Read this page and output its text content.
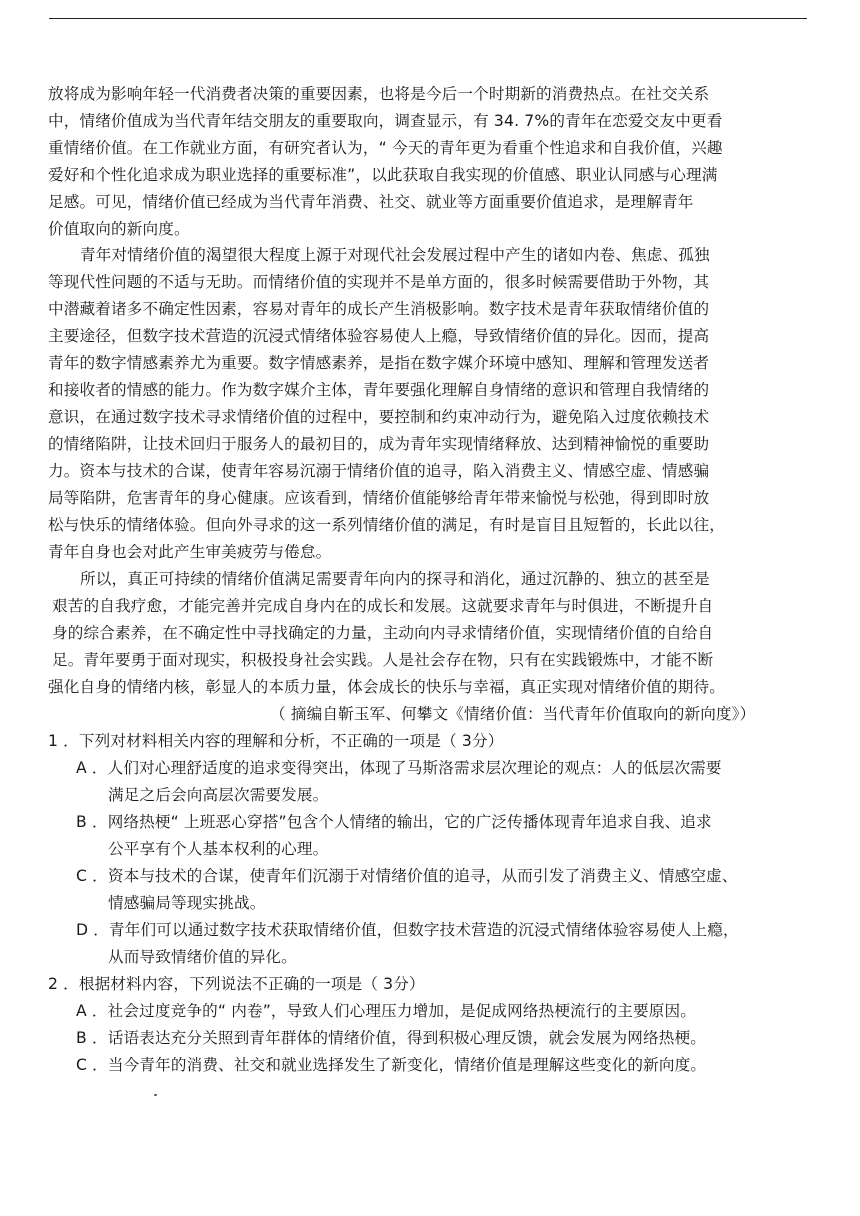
放将成为影响年轻一代消费者决策的重要因素，也将是今后一个时期新的消费热点。在社交关系
中，情绪价值成为当代青年结交朋友的重要取向，调查显示，有 34. 7%的青年在恋爱交友中更看
重情绪价值。在工作就业方面，有研究者认为，“ 今天的青年更为看重个性追求和自我价值，兴趣
爱好和个性化追求成为职业选择的重要标准”，以此获取自我实现的价值感、职业认同感与心理满
足感。可见，情绪价值已经成为当代青年消费、社交、就业等方面重要价值追求，是理解青年
价值取向的新向度。
青年对情绪价值的渴望很大程度上源于对现代社会发展过程中产生的诸如内卷、焦虑、孤独
等现代性问题的不适与无助。而情绪价值的实现并不是单方面的，很多时候需要借助于外物，其
中潜藏着诸多不确定性因素，容易对青年的成长产生消极影响。数字技术是青年获取情绪价值的
主要途径，但数字技术营造的沉浸式情绪体验容易使人上瘾，导致情绪价值的异化。因而，提高
青年的数字情感素养尤为重要。数字情感素养，是指在数字媒介环境中感知、理解和管理发送者
和接收者的情感的能力。作为数字媒介主体，青年要强化理解自身情绪的意识和管理自我情绪的
意识，在通过数字技术寻求情绪价值的过程中，要控制和约束冲动行为，避免陷入过度依赖技术
的情绪陷阱，让技术回归于服务人的最初目的，成为青年实现情绪释放、达到精神愉悦的重要助
力。资本与技术的合谋，使青年容易沉溺于情绪价值的追寻，陷入消费主义、情感空虚、情感骗
局等陷阱，危害青年的身心健康。应该看到，情绪价值能够给青年带来愉悦与松弛，得到即时放
松与快乐的情绪体验。但向外寻求的这一系列情绪价值的满足，有时是盲目且短暂的，长此以往，
青年自身也会对此产生审美疲劳与倦怠。
所以，真正可持续的情绪价值满足需要青年向内的探寻和消化，通过沉静的、独立的甚至是
艰苦的自我疗愈，才能完善并完成自身内在的成长和发展。这就要求青年与时俱进，不断提升自
身的综合素养，在不确定性中寻找确定的力量，主动向内寻求情绪价值，实现情绪价值的自给自
足。青年要勇于面对现实，积极投身社会实践。人是社会存在物，只有在实践锻炼中，才能不断
强化自身的情绪内核，彰显人的本质力量，体会成长的快乐与幸福，真正实现对情绪价值的期待。
（ 摘编自靳玉军、何攀文《情绪价值：当代青年价值取向的新向度》）
1 ．下列对材料相关内容的理解和分析，不正确的一项是（ 3分）
A ．人们对心理舒适度的追求变得突出，体现了马斯洛需求层次理论的观点：人的低层次需要
满足之后会向高层次需要发展。
B ．网络热梗“ 上班恶心穿搭”包含个人情绪的输出，它的广泛传播体现青年追求自我、追求
公平享有个人基本权利的心理。
C ．资本与技术的合谋，使青年们沉溺于对情绪价值的追寻，从而引发了消费主义、情感空虚、
情感骗局等现实挑战。
D ．青年们可以通过数字技术获取情绪价值，但数字技术营造的沉浸式情绪体验容易使人上瘾，
从而导致情绪价值的异化。
2 ．根据材料内容，下列说法不正确的一项是（ 3分）
A ．社会过度竞争的“ 内卷”，导致人们心理压力增加，是促成网络热梗流行的主要原因。
B ．话语表达充分关照到青年群体的情绪价值，得到积极心理反馈，就会发展为网络热梗。
C ．当今青年的消费、社交和就业选择发生了新变化，情绪价值是理解这些变化的新向度。
